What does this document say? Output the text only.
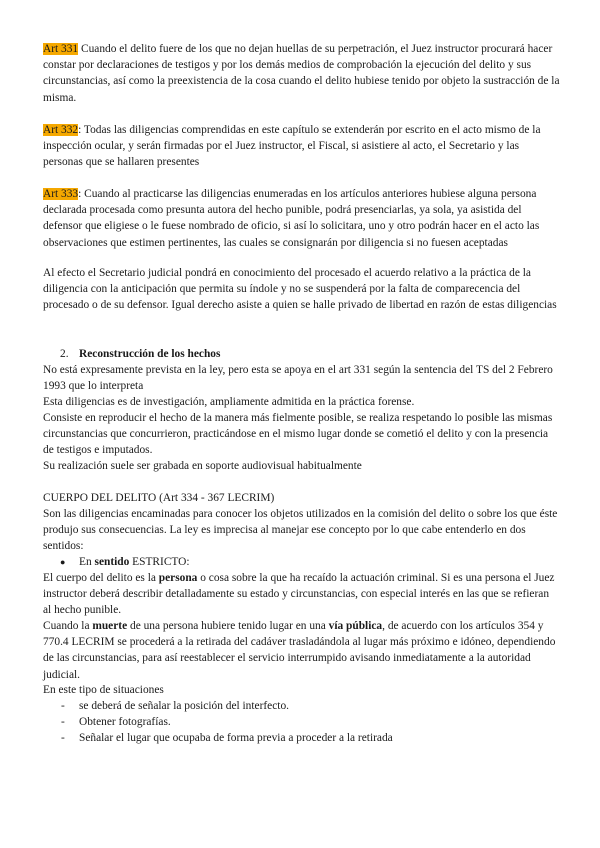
Art 331 Cuando el delito fuere de los que no dejan huellas de su perpetración, el Juez instructor procurará hacer constar por declaraciones de testigos y por los demás medios de comprobación la ejecución del delito y sus circunstancias, así como la preexistencia de la cosa cuando el delito hubiese tenido por objeto la sustracción de la misma.

Art 332: Todas las diligencias comprendidas en este capítulo se extenderán por escrito en el acto mismo de la inspección ocular, y serán firmadas por el Juez instructor, el Fiscal, si asistiere al acto, el Secretario y las personas que se hallaren presentes

Art 333: Cuando al practicarse las diligencias enumeradas en los artículos anteriores hubiese alguna persona declarada procesada como presunta autora del hecho punible, podrá presenciarlas, ya sola, ya asistida del defensor que eligiese o le fuese nombrado de oficio, si así lo solicitara, uno y otro podrán hacer en el acto las observaciones que estimen pertinentes, las cuales se consignarán por diligencia si no fuesen aceptadas

Al efecto el Secretario judicial pondrá en conocimiento del procesado el acuerdo relativo a la práctica de la diligencia con la anticipación que permita su índole y no se suspenderá por la falta de comparecencia del procesado o de su defensor. Igual derecho asiste a quien se halle privado de libertad en razón de estas diligencias

2. Reconstrucción de los hechos

No está expresamente prevista en la ley, pero esta se apoya en el art 331 según la sentencia del TS del 2 Febrero 1993 que lo interpreta

Esta diligencias es de investigación, ampliamente admitida en la práctica forense.

Consiste en reproducir el hecho de la manera más fielmente posible, se realiza respetando lo posible las mismas circunstancias que concurrieron, practicándose en el mismo lugar donde se cometió el delito y con la presencia de testigos e imputados.

Su realización suele ser grabada en soporte audiovisual habitualmente

CUERPO DEL DELITO (Art 334 - 367 LECRIM)

Son las diligencias encaminadas para conocer los objetos utilizados en la comisión del delito o sobre los que éste produjo sus consecuencias. La ley es imprecisa al manejar ese concepto por lo que cabe entenderlo en dos sentidos:

● En sentido ESTRICTO:

El cuerpo del delito es la persona o cosa sobre la que ha recaído la actuación criminal. Si es una persona el Juez instructor deberá describir detalladamente su estado y circunstancias, con especial interés en las que se refieran al hecho punible.

Cuando la muerte de una persona hubiere tenido lugar en una vía pública, de acuerdo con los artículos 354 y 770.4 LECRIM se procederá a la retirada del cadáver trasladándola al lugar más próximo e idóneo, dependiendo de las circunstancias, para así reestablecer el servicio interrumpido avisando inmediatamente a la autoridad judicial.

En este tipo de situaciones

- se deberá de señalar la posición del interfecto.
- Obtener fotografías.
- Señalar el lugar que ocupaba de forma previa a proceder a la retirada
